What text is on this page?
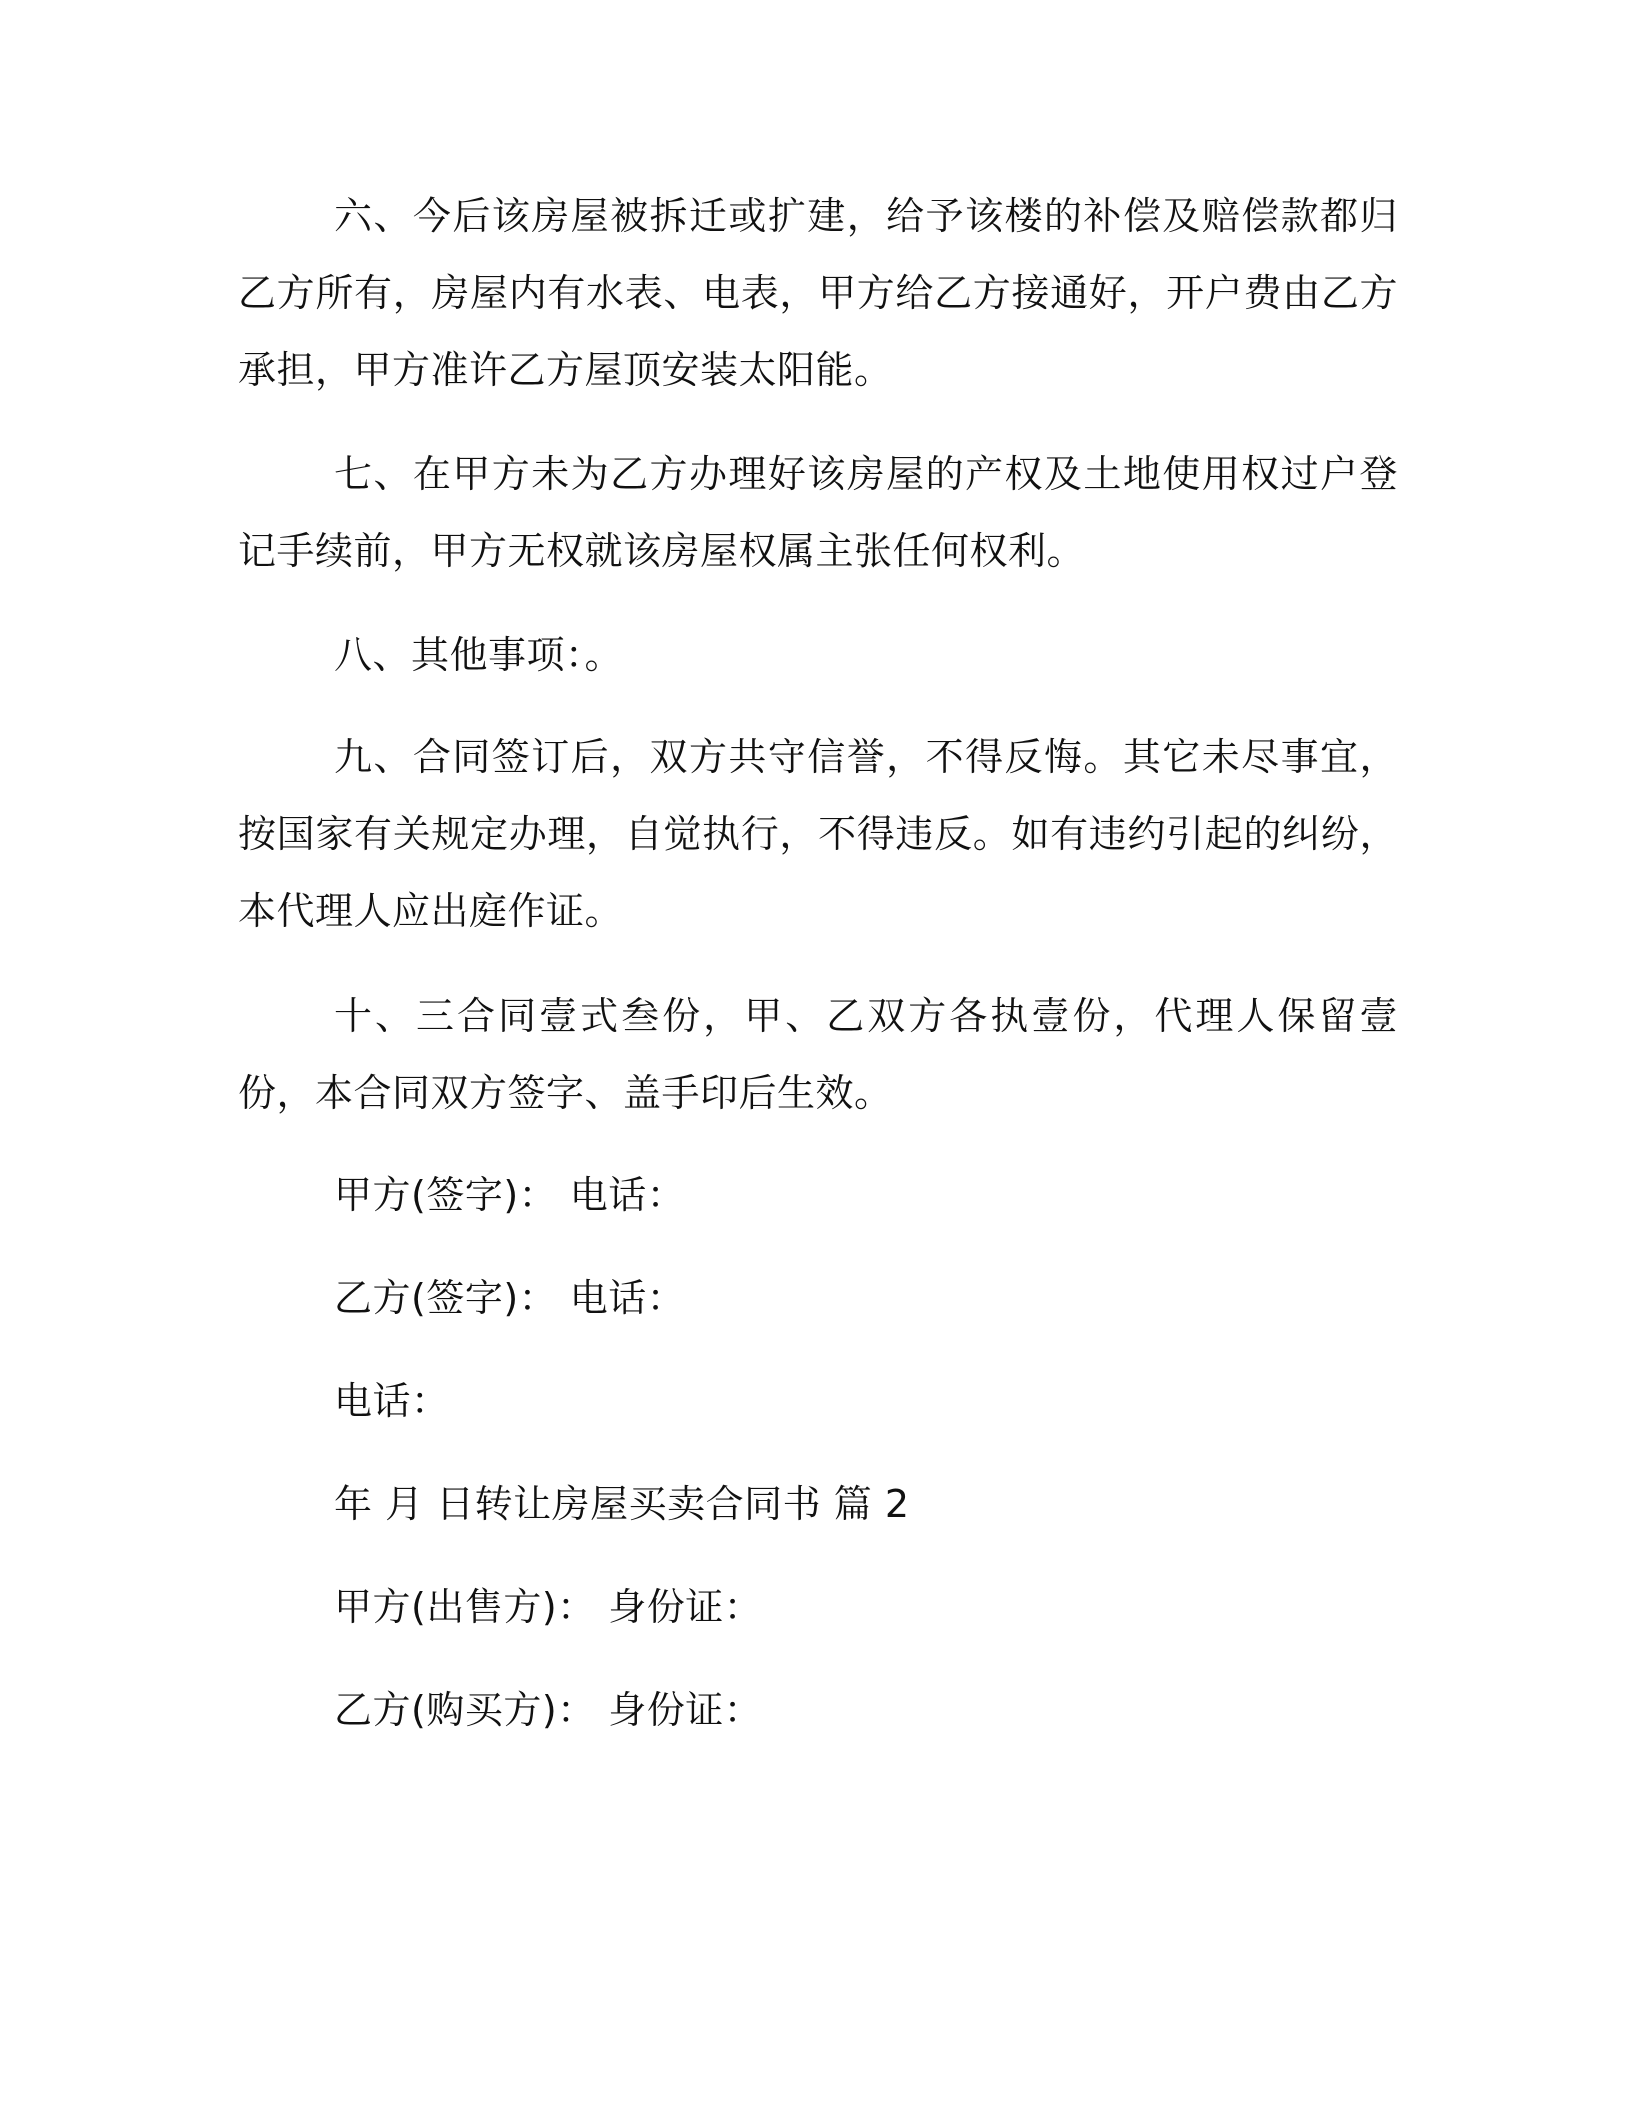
六、今后该房屋被拆迁或扩建，给予该楼的补偿及赔偿款都归乙方所有，房屋内有水表、电表，甲方给乙方接通好，开户费由乙方承担，甲方准许乙方屋顶安装太阳能。
七、在甲方未为乙方办理好该房屋的产权及土地使用权过户登记手续前，甲方无权就该房屋权属主张任何权利。
八、其他事项：。
九、合同签订后，双方共守信誉，不得反悔。其它未尽事宜，按国家有关规定办理，自觉执行，不得违反。如有违约引起的纠纷，本代理人应出庭作证。
十、三合同壹式叁份，甲、乙双方各执壹份，代理人保留壹份，本合同双方签字、盖手印后生效。
甲方(签字)： 电话：
乙方(签字)： 电话：
电话：
年 月 日转让房屋买卖合同书 篇 2
甲方(出售方)： 身份证：
乙方(购买方)： 身份证：
